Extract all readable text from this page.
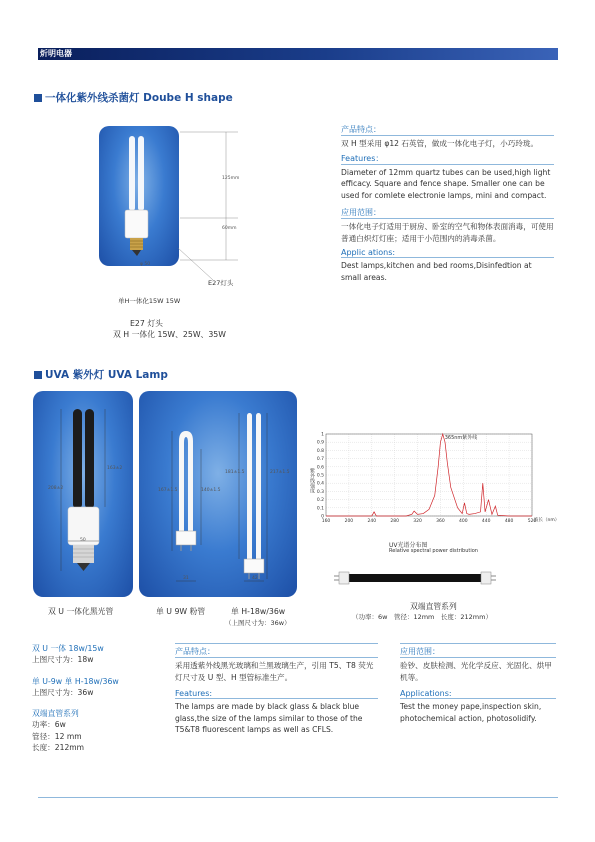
炘明电器
一体化紫外线杀菌灯 Doube H shape
125mm
60mm
φ 50
E27灯头
单H一体化15W 15W
E27 灯头
双 H 一体化 15W、25W、35W
产品特点：
双 H 型采用 φ12 石英管，做成一体化电子灯，小巧玲珑。
Features：
Diameter of 12mm quartz tubes can be used,high light efficacy. Square and fence shape. Smaller one can be used for comlete electronie lamps, mini and compact.
应用范围：
一体化电子灯适用于厨房、卧室的空气和物体表面消毒，可使用普通白炽灯灯座；适用于小范围内的消毒杀菌。
Applic ations:
Dest lamps,kitchen and bed rooms,Disinfedtion at small areas.
UVA 紫外灯 UVA Lamp
163±2
208±2
50
167±1.5	140±1.5
31
181±1.5	217±1.5
42
160	200	240	280	320	360	400	440	480	520
0
0.1
0.2
0.3
0.4
0.5
0.6
0.7
0.8
0.9
1	365nm紫外线
波长（nm）
紫外线强度
UV光谱分布图
Relative spectral power distribution
双 U 一体化黑光管	单 U 9W 粉管	单 H-18w/36w
（上图尺寸为：36w）
双端直管系列
（功率：6w　管径：12mm　长度：212mm）
双 U 一体 18w/15w
上图尺寸为：18w
单 U-9w 单 H-18w/36w
上图尺寸为：36w
双端直管系列
功率：6w
管径：12 mm
长度：212mm
产品特点：
采用透紫外线黑光玻璃和兰黑玻璃生产，引用 T5、T8 荧光灯尺寸及 U 型、H 型管标准生产。
Features:
The lamps are made by black glass & black blue glass,the size of the lamps similar to those of the T5&T8 fluorescent lamps as well as CFLS.
应用范围：
验钞、皮肤检测、光化学反应、光固化、烘甲机等。
Applications:
Test the money pape,inspection skin, photochemical action, photosolidify.
